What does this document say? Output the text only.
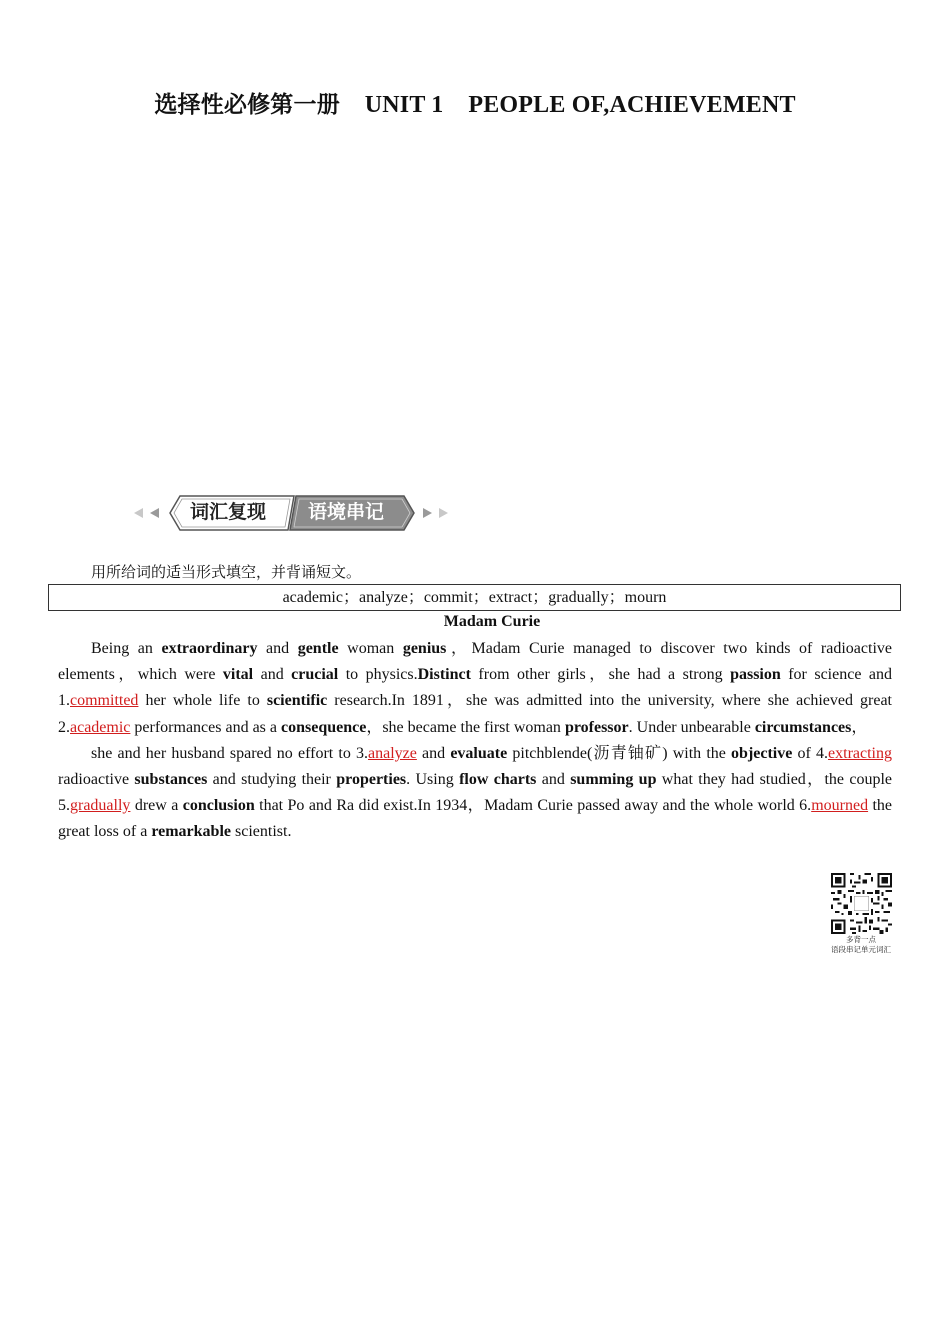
选择性必修第一册 UNIT 1 PEOPLE OF,ACHIEVEMENT
词汇复现 语境串记
用所给词的适当形式填空，并背诵短文。
academic；analyze；commit；extract；gradually；mourn
Madam Curie

Being an extraordinary and gentle woman genius，Madam Curie managed to discover two kinds of radioactive elements，which were vital and crucial to physics.Distinct from other girls，she had a strong passion for science and 1.committed her whole life to scientific research.In 1891，she was admitted into the university, where she achieved great 2.academic performances and as a consequence，she became the first woman professor. Under unbearable circumstances，

she and her husband spared no effort to 3.analyze and evaluate pitchblende(沥青铀矿) with the objective of 4.extracting radioactive substances and studying their properties. Using flow charts and summing up what they had studied，the couple 5.gradually drew a conclusion that Po and Ra did exist.In 1934，Madam Curie passed away and the whole world 6.mourned the great loss of a remarkable scientist.

多背一点
语段串记单元词汇
